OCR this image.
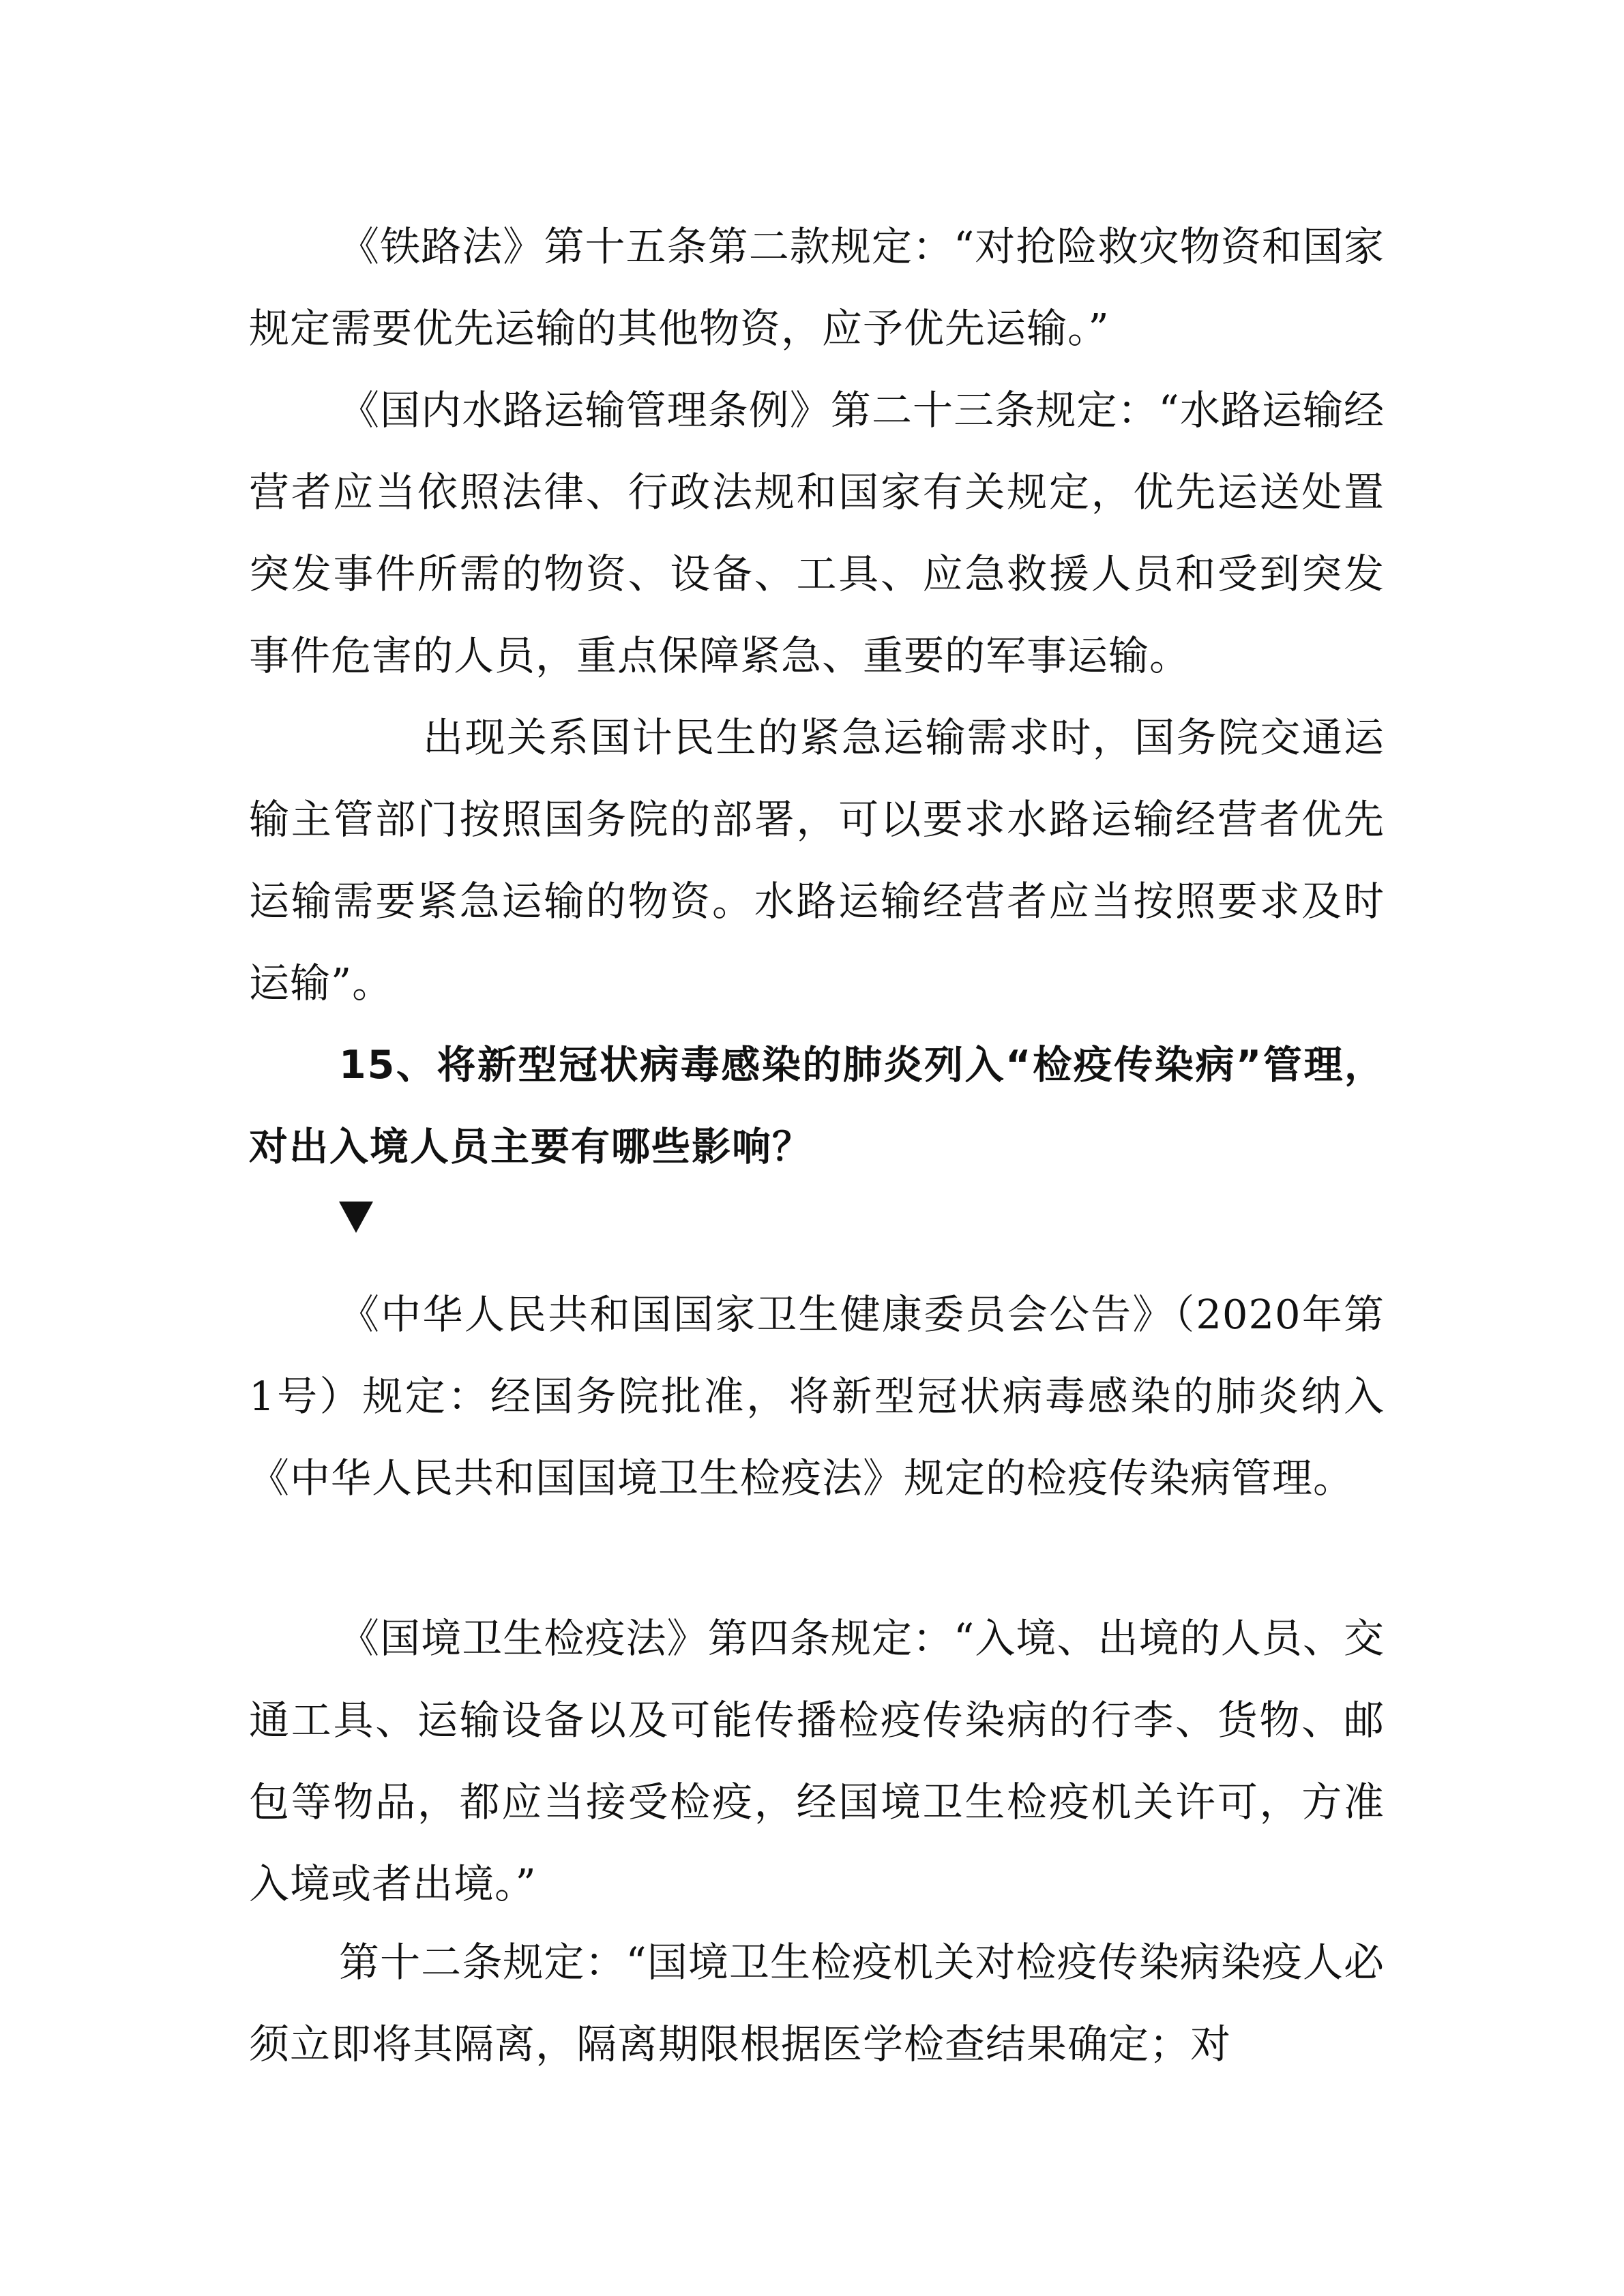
《铁路法》第十五条第二款规定：“对抢险救灾物资和国家规定需要优先运输的其他物资，应予优先运输。”

《国内水路运输管理条例》第二十三条规定：“水路运输经营者应当依照法律、行政法规和国家有关规定，优先运送处置突发事件所需的物资、设备、工具、应急救援人员和受到突发事件危害的人员，重点保障紧急、重要的军事运输。

出现关系国计民生的紧急运输需求时，国务院交通运输主管部门按照国务院的部署，可以要求水路运输经营者优先运输需要紧急运输的物资。水路运输经营者应当按照要求及时运输”。

15、将新型冠状病毒感染的肺炎列入“检疫传染病”管理，对出入境人员主要有哪些影响？

《中华人民共和国国家卫生健康委员会公告》（2020年第1号）规定：经国务院批准，将新型冠状病毒感染的肺炎纳入《中华人民共和国国境卫生检疫法》规定的检疫传染病管理。

《国境卫生检疫法》第四条规定：“入境、出境的人员、交通工具、运输设备以及可能传播检疫传染病的行李、货物、邮包等物品，都应当接受检疫，经国境卫生检疫机关许可，方准入境或者出境。”

第十二条规定：“国境卫生检疫机关对检疫传染病染疫人必须立即将其隔离，隔离期限根据医学检查结果确定；对
